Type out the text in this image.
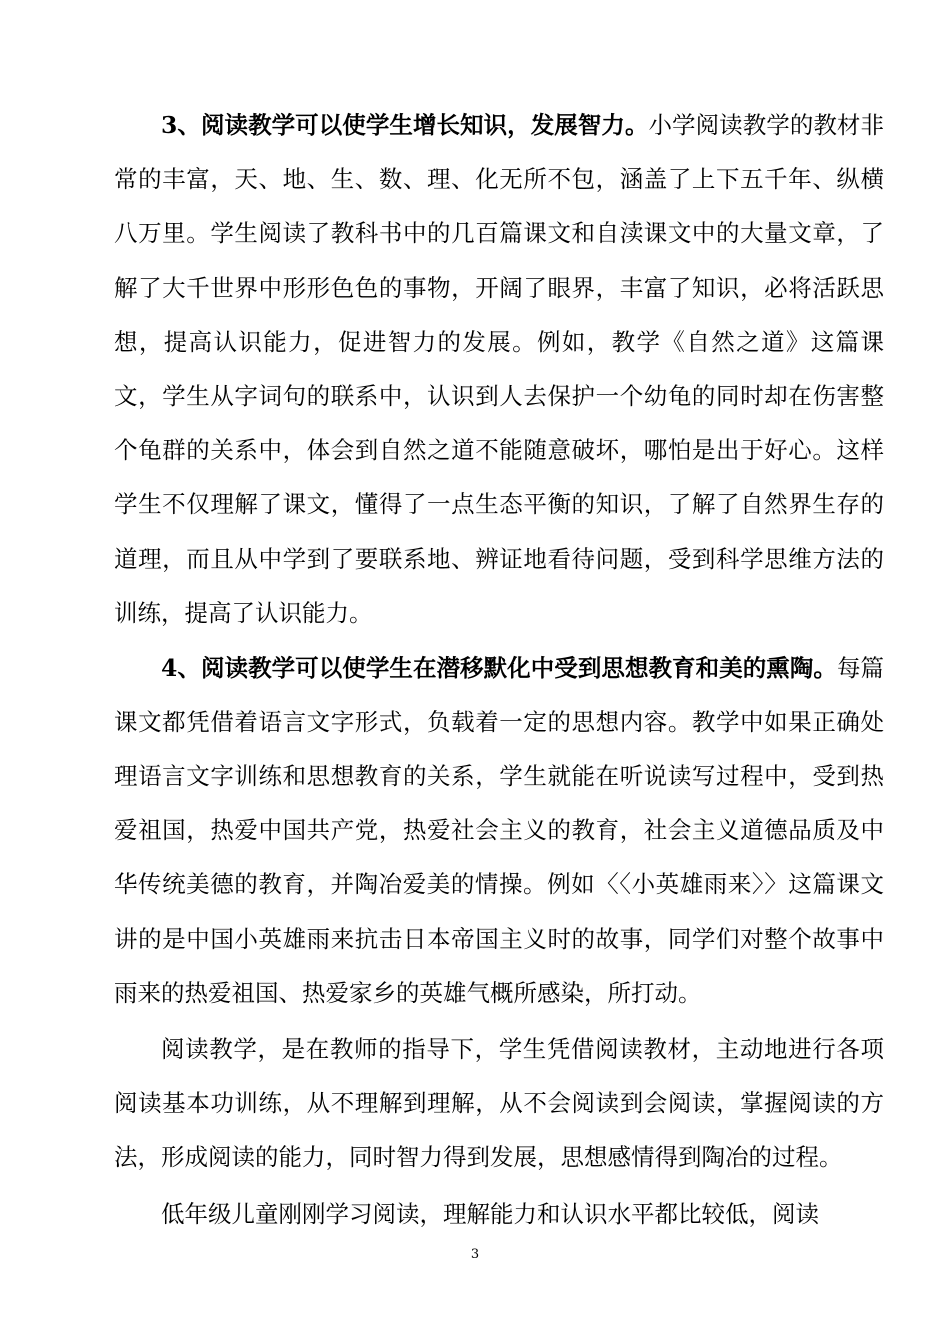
3、阅读教学可以使学生增长知识，发展智力。小学阅读教学的教材非常的丰富，天、地、生、数、理、化无所不包，涵盖了上下五千年、纵横八万里。学生阅读了教科书中的几百篇课文和自渎课文中的大量文章，了解了大千世界中形形色色的事物，开阔了眼界，丰富了知识，必将活跃思想，提高认识能力，促进智力的发展。例如，教学《自然之道》这篇课文，学生从字词句的联系中，认识到人去保护一个幼龟的同时却在伤害整个龟群的关系中，体会到自然之道不能随意破坏，哪怕是出于好心。这样学生不仅理解了课文，懂得了一点生态平衡的知识，了解了自然界生存的道理，而且从中学到了要联系地、辨证地看待问题，受到科学思维方法的训练，提高了认识能力。

4、阅读教学可以使学生在潜移默化中受到思想教育和美的熏陶。每篇课文都凭借着语言文字形式，负载着一定的思想内容。教学中如果正确处理语言文字训练和思想教育的关系，学生就能在听说读写过程中，受到热爱祖国，热爱中国共产党，热爱社会主义的教育，社会主义道德品质及中华传统美德的教育，并陶冶爱美的情操。例如〈〈小英雄雨来〉〉这篇课文讲的是中国小英雄雨来抗击日本帝国主义时的故事，同学们对整个故事中雨来的热爱祖国、热爱家乡的英雄气概所感染，所打动。

阅读教学，是在教师的指导下，学生凭借阅读教材，主动地进行各项阅读基本功训练，从不理解到理解，从不会阅读到会阅读，掌握阅读的方法，形成阅读的能力，同时智力得到发展，思想感情得到陶冶的过程。

低年级儿童刚刚学习阅读，理解能力和认识水平都比较低，阅读

3
